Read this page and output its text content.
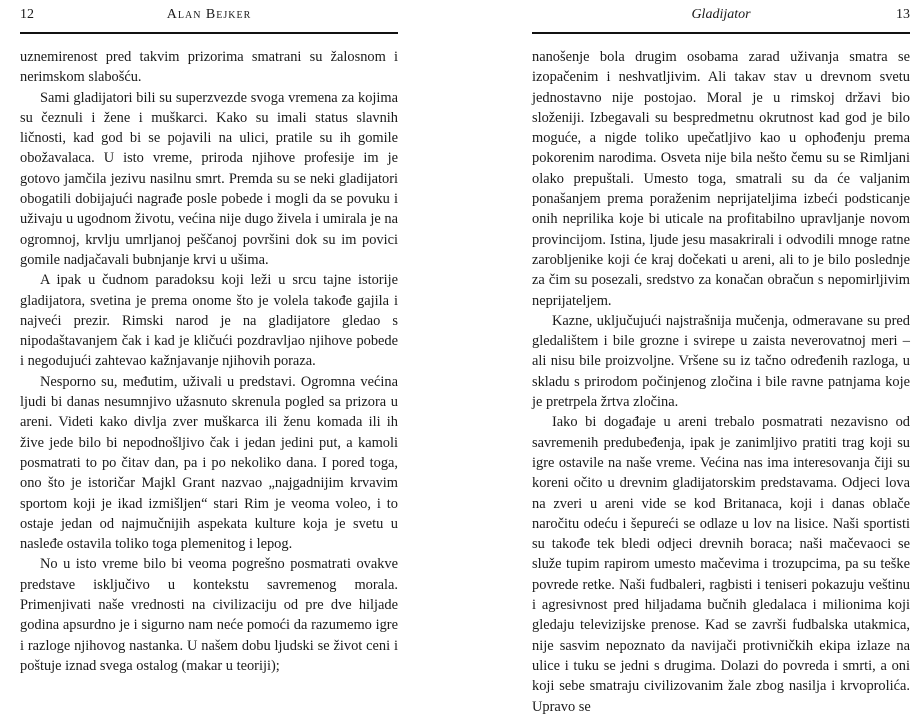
12	Alan Bejker

uznemirenost pred takvim prizorima smatrani su žalosnom i nerimskom slabošću.

Sami gladijatori bili su superzvezde svoga vremena za kojima su čeznuli i žene i muškarci. Kako su imali status slavnih ličnosti, kad god bi se pojavili na ulici, pratile su ih gomile obožavalaca. U isto vreme, priroda njihove profesije im je gotovo jamčila jezivu nasilnu smrt. Premda su se neki gladijatori obogatili dobijajući nagrađe posle pobede i mogli da se povuku i uživaju u ugodnom životu, većina nije dugo živela i umirala je na ogromnoj, krvlju umrljanoj peščanoj površini dok su im povici gomile nadjačavali bubnjanje krvi u ušima.

A ipak u čudnom paradoksu koji leži u srcu tajne istorije gladijatora, svetina je prema onome što je volela takođe gajila i najveći prezir. Rimski narod je na gladijatore gledao s nipodaštavanjem čak i kad je kličući pozdravljao njihove pobede i negodujući zahtevao kažnjavanje njihovih poraza.

Nesporno su, međutim, uživali u predstavi. Ogromna većina ljudi bi danas nesumnjivo užasnuto skrenula pogled sa prizora u areni. Videti kako divlja zver muškarca ili ženu komada ili ih žive jede bilo bi nepodnošljivo čak i jedan jedini put, a kamoli posmatrati to po čitav dan, pa i po nekoliko dana. I pored toga, ono što je istoričar Majkl Grant nazvao „najgadnijim krvavim sportom koji je ikad izmišljen“ stari Rim je veoma voleo, i to ostaje jedan od najmučnijih aspekata kulture koja je svetu u nasleđe ostavila toliko toga plemenitog i lepog.

No u isto vreme bilo bi veoma pogrešno posmatrati ovakve predstave isključivo u kontekstu savremenog morala. Primenjivati naše vrednosti na civilizaciju od pre dve hiljade godina apsurdno je i sigurno nam neće pomoći da razumemo igre i razloge njihovog nastanka. U našem dobu ljudski se život ceni i poštuje iznad svega ostalog (makar u teoriji);

Gladijator	13

nanošenje bola drugim osobama zarad uživanja smatra se izopačenim i neshvatljivim. Ali takav stav u drevnom svetu jednostavno nije postojao. Moral je u rimskoj državi bio složeniji. Izbegavali su bespredmetnu okrutnost kad god je bilo moguće, a nigde toliko upečatljivo kao u ophođenju prema pokorenim narodima. Osveta nije bila nešto čemu su se Rimljani olako prepuštali. Umesto toga, smatrali su da će valjanim ponašanjem prema poraženim neprijateljima izbeći podsticanje onih neprilika koje bi uticale na profitabilno upravljanje novom provincijom. Istina, ljude jesu masakrirali i odvodili mnoge ratne zarobljenike koji će kraj dočekati u areni, ali to je bilo poslednje za čim su posezali, sredstvo za konačan obračun s nepomirljivim neprijateljem.

Kazne, uključujući najstrašnija mučenja, odmeravane su pred gledalištem i bile grozne i svirepe u zaista neverovatnoj meri – ali nisu bile proizvoljne. Vršene su iz tačno određenih razloga, u skladu s prirodom počinjenog zločina i bile ravne patnjama koje je pretrpela žrtva zločina.

Iako bi događaje u areni trebalo posmatrati nezavisno od savremenih predubeđenja, ipak je zanimljivo pratiti trag koji su igre ostavile na naše vreme. Većina nas ima interesovanja čiji su koreni očito u drevnim gladijatorskim predstavama. Odjeci lova na zveri u areni vide se kod Britanaca, koji i danas oblače naročitu odeću i šepureći se odlaze u lov na lisice. Naši sportisti su takođe tek bledi odjeci drevnih boraca; naši mačevaoci se služe tupim rapirom umesto mačevima i trozupcima, pa su teške povrede retke. Naši fudbaleri, ragbisti i teniseri pokazuju veštinu i agresivnost pred hiljadama bučnih gledalaca i milionima koji gledaju televizijske prenose. Kad se završi fudbalska utakmica, nije sasvim nepoznato da navijači protivničkih ekipa izlaze na ulice i tuku se jedni s drugima. Dolazi do povreda i smrti, a oni koji sebe smatraju civilizovanim žale zbog nasilja i krvoprolića. Upravo se
